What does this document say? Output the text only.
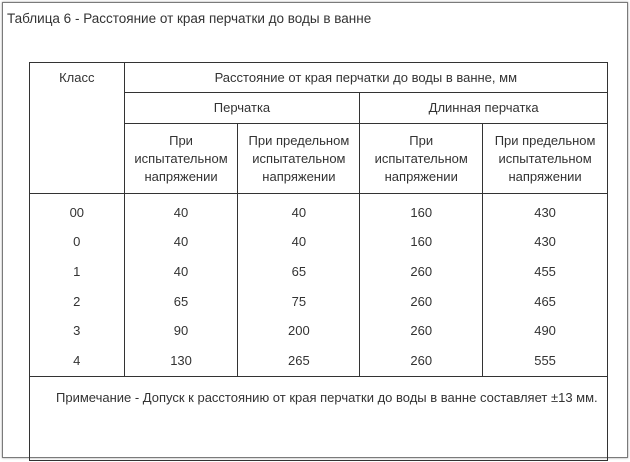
Таблица 6 - Расстояние от края перчатки до воды в ванне
Класс	Расстояние от края перчатки до воды в ванне, мм			
	Перчатка		Длинная перчатка	
	При испытательном напряжении	При предельном испытательном напряжении	При испытательном напряжении	При предельном испытательном напряжении
00	40	40	160	430
0	40	40	160	430
1	40	65	260	455
2	65	75	260	465
3	90	200	260	490
4	130	265	260	555
Примечание - Допуск к расстоянию от края перчатки до воды в ванне составляет ±13 мм.				
